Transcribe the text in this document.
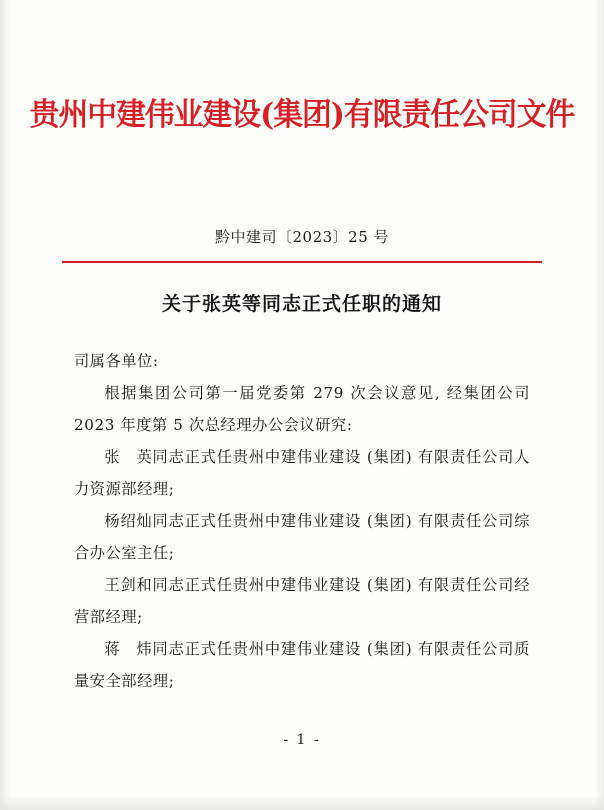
贵州中建伟业建设(集团)有限责任公司文件
黔中建司〔2023〕25 号
关于张英等同志正式任职的通知

司属各单位:

根据集团公司第一届党委第 279 次会议意见, 经集团公司 2023 年度第 5 次总经理办公会议研究:

张　英同志正式任贵州中建伟业建设 (集团) 有限责任公司人力资源部经理;

杨绍灿同志正式任贵州中建伟业建设 (集团) 有限责任公司综合办公室主任;

王剑和同志正式任贵州中建伟业建设 (集团) 有限责任公司经营部经理;

蒋　炜同志正式任贵州中建伟业建设 (集团) 有限责任公司质量安全部经理;

- 1 -
